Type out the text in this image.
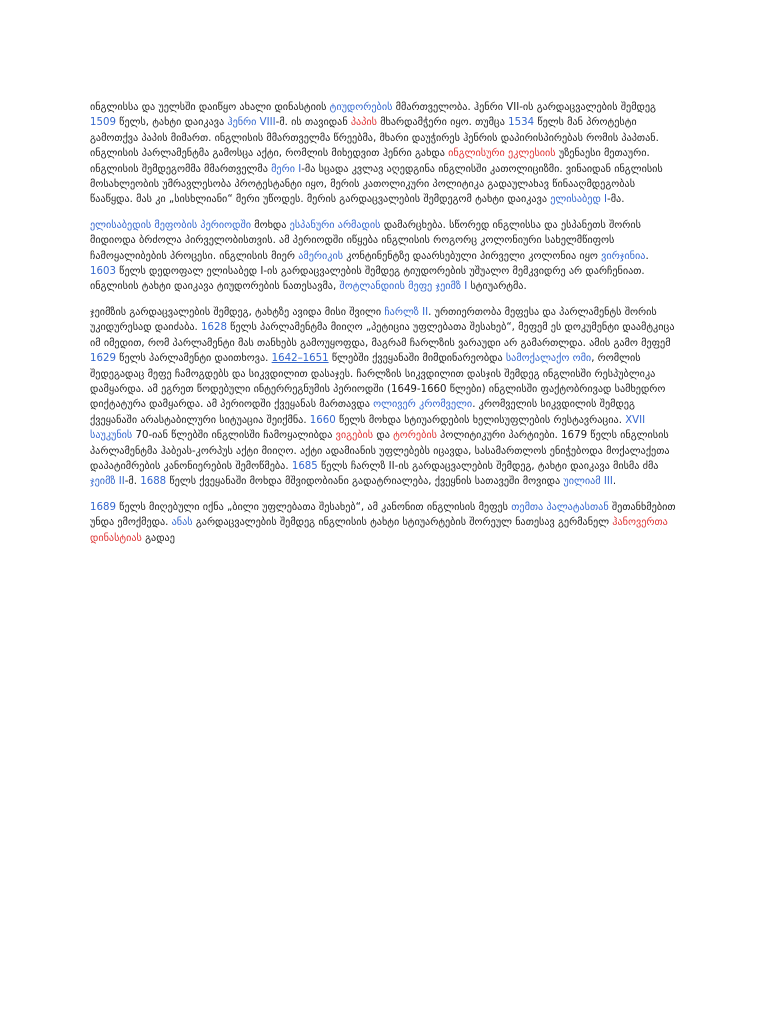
ინგლისსა და უელსში დაიწყო ახალი დინასტიის ტიუდორების მმართველობა. ჰენრი VII-ის გარდაცვალების შემდეგ 1509 წელს, ტახტი დაიკავა ჰენრი VIII-მ. ის თავიდან პაპის მხარდამჭერი იყო. თუმცა 1534 წელს მან პროტესტი გამოთქვა პაპის მიმართ. ინგლისის მმართველმა წრეებმა, მხარი დაუჭირეს ჰენრის დაპირისპირებას რომის პაპთან. ინგლისის პარლამენტმა გამოსცა აქტი, რომლის მიხედვით ჰენრი გახდა ინგლისური ეკლესიის უზენაესი მეთაური. ინგლისის შემდეგომმა მმართველმა მერი I-მა სცადა კვლავ აღედგინა ინგლისში კათოლიციზმი. ვინაიდან ინგლისის მოსახლეობის უმრავლესობა პროტესტანტი იყო, მერის კათოლიკური პოლიტიკა გადაულახავ წინააღმდეგობას წააწყდა. მას კი „სისხლიანი“ მერი უწოდეს. მერის გარდაცვალების შემდეგომ ტახტი დაიკავა ელისაბედ I-მა.

ელისაბედის მეფობის პერიოდში მოხდა ესპანური არმადის დამარცხება. სწორედ ინგლისსა და ესპანეთს შორის მიდიოდა ბრძოლა პირველობისთვის. ამ პერიოდში იწყება ინგლისის როგორც კოლონიური სახელმწიფოს ჩამოყალიბების პროცესი. ინგლისის მიერ ამერიკის კონტინენტზე დაარსებული პირველი კოლონია იყო ვირჯინია. 1603 წელს დედოფალ ელისაბედ I-ის გარდაცვალების შემდეგ ტიუდორების უშუალო მემკვიდრე არ დარჩენიათ. ინგლისის ტახტი დაიკავა ტიუდორების ნათესავმა, შოტლანდიის მეფე ჯეიმზ I სტიუარტმა.

ჯეიმზის გარდაცვალების შემდეგ, ტახტზე ავიდა მისი შვილი ჩარლზ II. ურთიერთობა მეფესა და პარლამენტს შორის უკიდურესად დაიძაბა. 1628 წელს პარლამენტმა მიიღო „პეტიცია უფლებათა შესახებ“, მეფემ ეს დოკუმენტი დაამტკიცა იმ იმედით, რომ პარლამენტი მას თანხებს გამოუყოფდა, მაგრამ ჩარლზის ვარაუდი არ გამართლდა. ამის გამო მეფემ 1629 წელს პარლამენტი დაითხოვა. 1642–1651 წლებში ქვეყანაში მიმდინარეობდა სამოქალაქო ომი, რომლის შედეგადაც მეფე ჩამოგდებს და სიკვდილით დასაჯეს. ჩარლზის სიკვდილით დასჯის შემდეგ ინგლისში რესპუბლიკა დამყარდა. ამ ეგრეთ წოდებული ინტერრეგნუმის პერიოდში (1649-1660 წლები) ინგლისში ფაქტობრივად სამხედრო დიქტატურა დამყარდა. ამ პერიოდში ქვეყანას მართავდა ოლივერ კრომველი. კრომველის სიკვდილის შემდეგ ქვეყანაში არასტაბილური სიტუაცია შეიქმნა. 1660 წელს მოხდა სტიუარდების ხელისუფლების რესტავრაცია. XVII საუკუნის 70-იან წლებში ინგლისში ჩამოყალიბდა ვიგების და ტორების პოლიტიკური პარტიები. 1679 წელს ინგლისის პარლამენტმა ჰაბეას-კორპუს აქტი მიიღო. აქტი ადამიანის უფლებებს იცავდა, სასამართლოს ენიჭებოდა მოქალაქეთა დაპატიმრების კანონიერების შემოწმება. 1685 წელს ჩარლზ II-ის გარდაცვალების შემდეგ, ტახტი დაიკავა მისმა ძმა ჯეიმზ II-მ. 1688 წელს ქვეყანაში მოხდა მშვიდობიანი გადატრიალება, ქვეყნის სათავეში მოვიდა უილიამ III.

1689 წელს მიღებული იქნა „ბილი უფლებათა შესახებ“, ამ კანონით ინგლისის მეფეს თემთა პალატასთან შეთანხმებით უნდა ემოქმედა. ანას გარდაცვალების შემდეგ ინგლისის ტახტი სტიუარტების შორეულ ნათესავ გერმანელ ჰანოვერთა დინასტიას გადაე
